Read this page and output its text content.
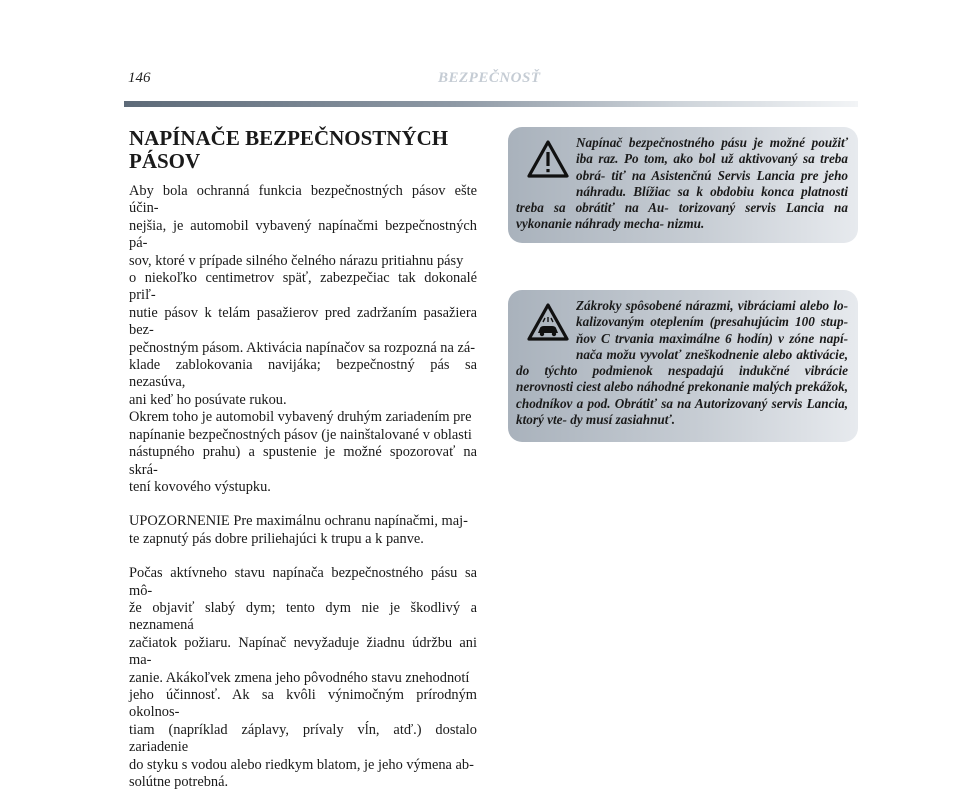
146	BEZPEČNOSŤ
NAPÍNAČE BEZPEČNOSTNÝCH PÁSOV

Aby bola ochranná funkcia bezpečnostných pásov ešte účin-
nejšia, je automobil vybavený napínačmi bezpečnostných pá-
sov, ktoré v prípade silného čelného nárazu pritiahnu pásy
o niekoľko centimetrov späť, zabezpečiac tak dokonalé priľ-
nutie pásov k telám pasažierov pred zadržaním pasažiera bez-
pečnostným pásom. Aktivácia napínačov sa rozpozná na zá-
klade zablokovania navijáka; bezpečnostný pás sa nezasúva,
ani keď ho posúvate rukou.
Okrem toho je automobil vybavený druhým zariadením pre
napínanie bezpečnostných pásov (je nainštalované v oblasti
nástupného prahu) a spustenie je možné spozorovať na skrá-
tení kovového výstupku.

UPOZORNENIE Pre maximálnu ochranu napínačmi, maj-
te zapnutý pás dobre priliehajúci k trupu a k panve.

Počas aktívneho stavu napínača bezpečnostného pásu sa mô-
že objaviť slabý dym; tento dym nie je škodlivý a neznamená
začiatok požiaru. Napínač nevyžaduje žiadnu údržbu ani ma-
zanie. Akákoľvek zmena jeho pôvodného stavu znehodnotí
jeho účinnosť. Ak sa kvôli výnimočným prírodným okolnos-
tiam (napríklad záplavy, prívaly vĺn, atď.) dostalo zariadenie
do styku s vodou alebo riedkym blatom, je jeho výmena ab-
solútne potrebná.

Napínač bezpečnostného pásu je možné použiť iba raz. Po tom, ako bol už aktivovaný sa treba obrá- tiť na Asistenčnú Servis Lancia pre jeho náhradu. Blížiac sa k obdobiu konca platnosti treba sa obrátiť na Au- torizovaný servis Lancia na vykonanie náhrady mecha- nizmu.

Zákroky spôsobené nárazmi, vibráciami alebo lo- kalizovaným oteplením (presahujúcim 100 stup- ňov C trvania maximálne 6 hodín) v zóne napí- nača možu vyvolať zneškodnenie alebo aktivácie, do týchto podmienok nespadajú indukčné vibrácie nerovnosti ciest alebo náhodné prekonanie malých prekážok, chodníkov a pod. Obrátiť sa na Autorizovaný servis Lancia, ktorý vte- dy musí zasiahnuť.
